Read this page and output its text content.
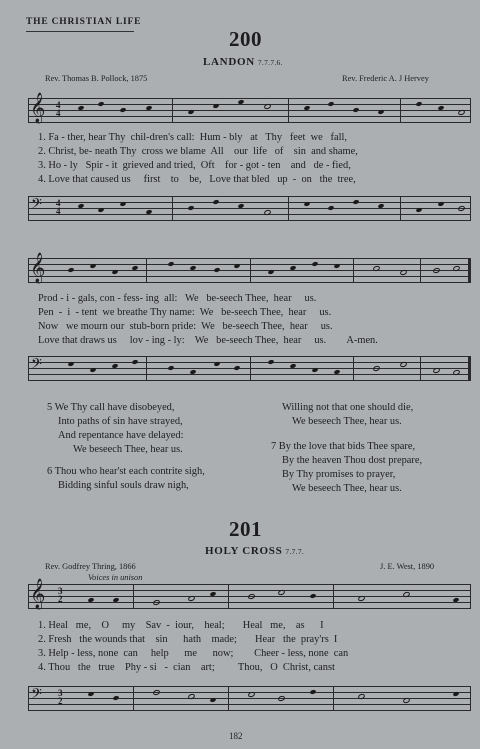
THE CHRISTIAN LIFE
200
LANDON 7.7.7.6.
Rev. Thomas B. Pollock, 1875	Rev. Frederic A. J Hervey
𝄞 4
4
1. Fa - ther, hear Thy  chil-dren's call:  Hum - bly   at   Thy   feet  we   fall,
2. Christ, be- neath Thy  cross we blame  All    our  life   of    sin  and shame,
3. Ho - ly   Spir - it  grieved and tried,  Oft    for - got - ten    and   de - fied,
4. Love that caused us     first    to    be,   Love that bled   up  -  on   the  tree,
𝄢 4
4
𝄞
Prod - i - gals, con - fess- ing  all:   We   be-seech Thee,  hear     us.
Pen  -  i  - tent  we breathe Thy name:  We   be-seech Thee,  hear     us.
Now   we mourn our  stub-born pride:  We   be-seech Thee,  hear     us.
Love that draws us     lov - ing - ly:    We   be-seech Thee,  hear     us.        A-men.
𝄢
5 We Thy call have disobeyed,
Into paths of sin have strayed,
And repentance have delayed:
We beseech Thee, hear us.
6 Thou who hear'st each contrite sigh,
Bidding sinful souls draw nigh,
Willing not that one should die,
We beseech Thee, hear us.
7 By the love that bids Thee spare,
By the heaven Thou dost prepare,
By Thy promises to prayer,
We beseech Thee, hear us.
201
HOLY CROSS 7.7.7.
Rev. Godfrey Thring, 1866	J. E. West, 1890
Voices in unison
𝄞 3
2
1. Heal   me,    O     my    Sav  -  iour,    heal;       Heal   me,    as      I
2. Fresh   the wounds that    sin      hath    made;       Hear   the  pray'rs  I
3. Help - less, none  can     help      me      now;        Cheer - less, none  can
4. Thou   the   true    Phy - si   -  cian    art;         Thou,   O  Christ, canst
𝄢 3
2
182
